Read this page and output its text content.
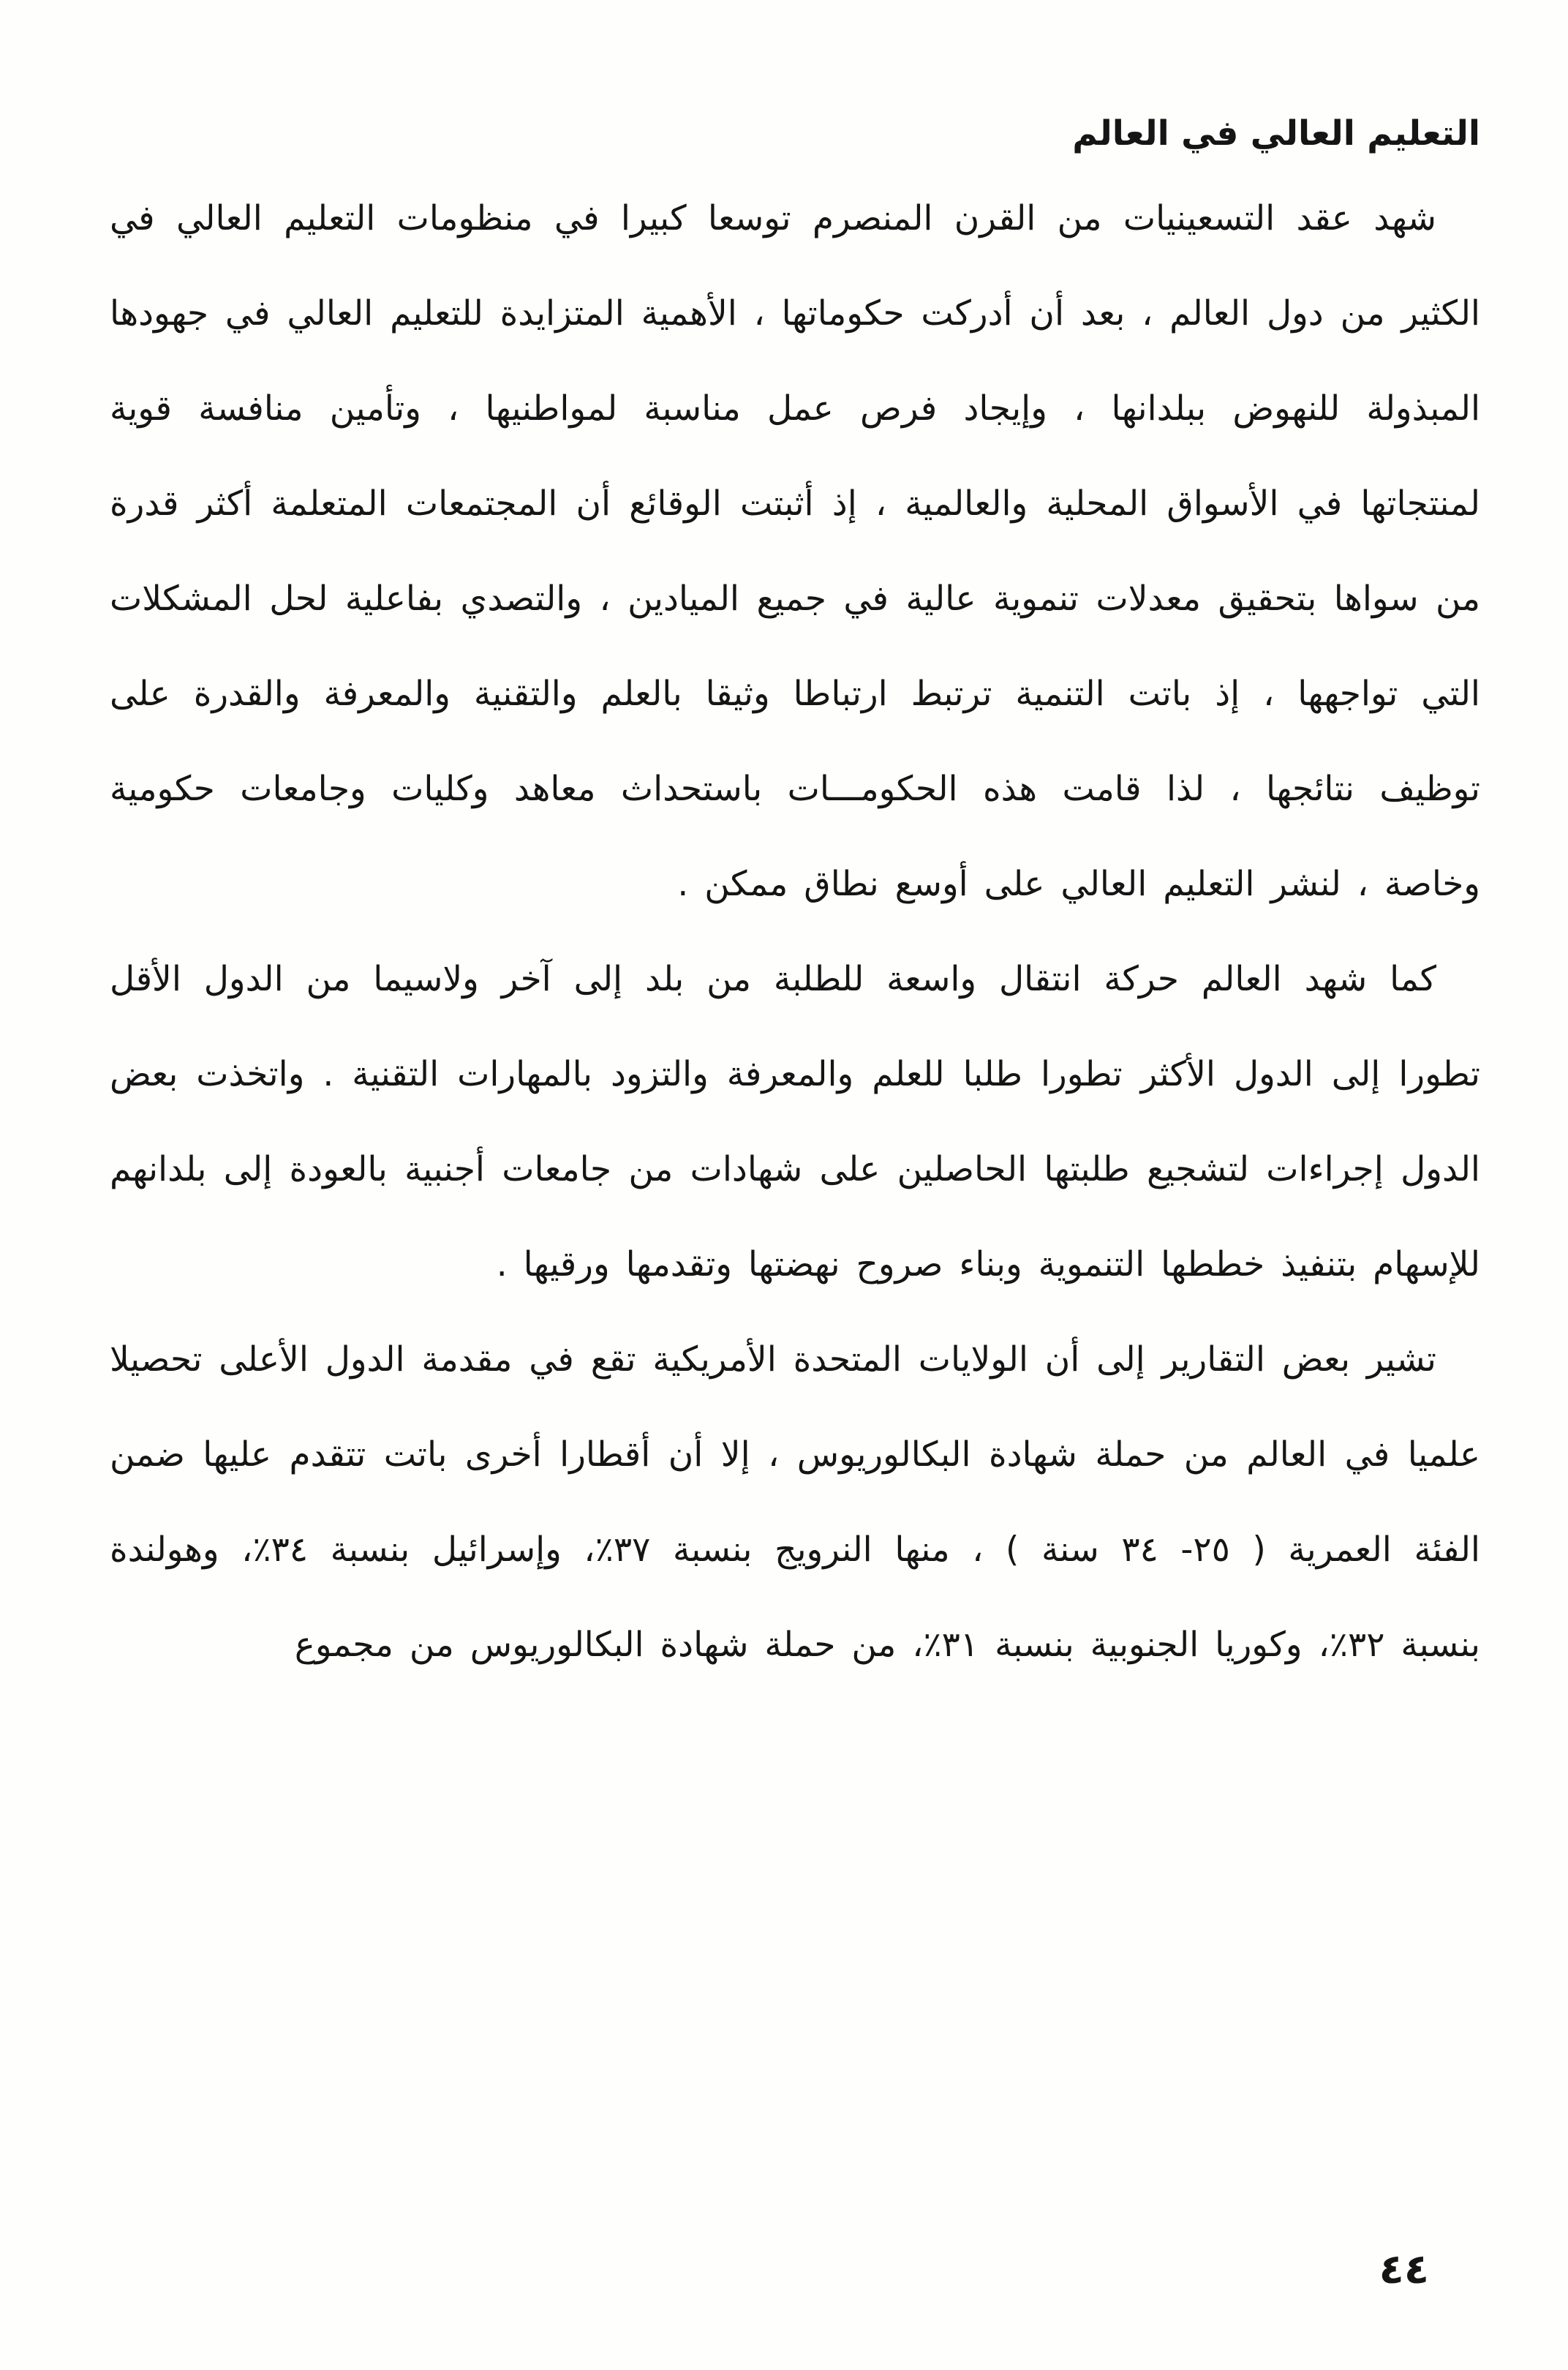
التعليم العالي في العالم

شهد عقد التسعينيات من القرن المنصرم توسعا كبيرا في منظومات التعليم العالي في الكثير من دول العالم ، بعد أن أدركت حكوماتها ، الأهمية المتزايدة للتعليم العالي في جهودها المبذولة للنهوض ببلدانها ، وإيجاد فرص عمل مناسبة لمواطنيها ، وتأمين منافسة قوية لمنتجاتها في الأسواق المحلية والعالمية ، إذ أثبتت الوقائع أن المجتمعات المتعلمة أكثر قدرة من سواها بتحقيق معدلات تنموية عالية في جميع الميادين ، والتصدي بفاعلية لحل المشكلات التي تواجهها ، إذ باتت التنمية ترتبط ارتباطا وثيقا بالعلم والتقنية والمعرفة والقدرة على توظيف نتائجها ، لذا قامت هذه الحكومـــات باستحداث معاهد وكليات وجامعات حكومية وخاصة ، لنشر التعليم العالي على أوسع نطاق ممكن .

كما شهد العالم حركة انتقال واسعة للطلبة من بلد إلى آخر ولاسيما من الدول الأقل تطورا إلى الدول الأكثر تطورا طلبا للعلم والمعرفة والتزود بالمهارات التقنية . واتخذت بعض الدول إجراءات لتشجيع طلبتها الحاصلين على شهادات من جامعات أجنبية بالعودة إلى بلدانهم للإسهام بتنفيذ خططها التنموية وبناء صروح نهضتها وتقدمها ورقيها .

تشير بعض التقارير إلى أن الولايات المتحدة الأمريكية تقع في مقدمة الدول الأعلى تحصيلا علميا في العالم من حملة شهادة البكالوريوس ، إلا أن أقطارا أخرى باتت تتقدم عليها ضمن الفئة العمرية ( ٢٥- ٣٤ سنة ) ، منها النرويج بنسبة ٣٧٪، وإسرائيل بنسبة ٣٤٪، وهولندة بنسبة ٣٢٪، وكوريا الجنوبية بنسبة ٣١٪، من حملة شهادة البكالوريوس من مجموع

٤٤
